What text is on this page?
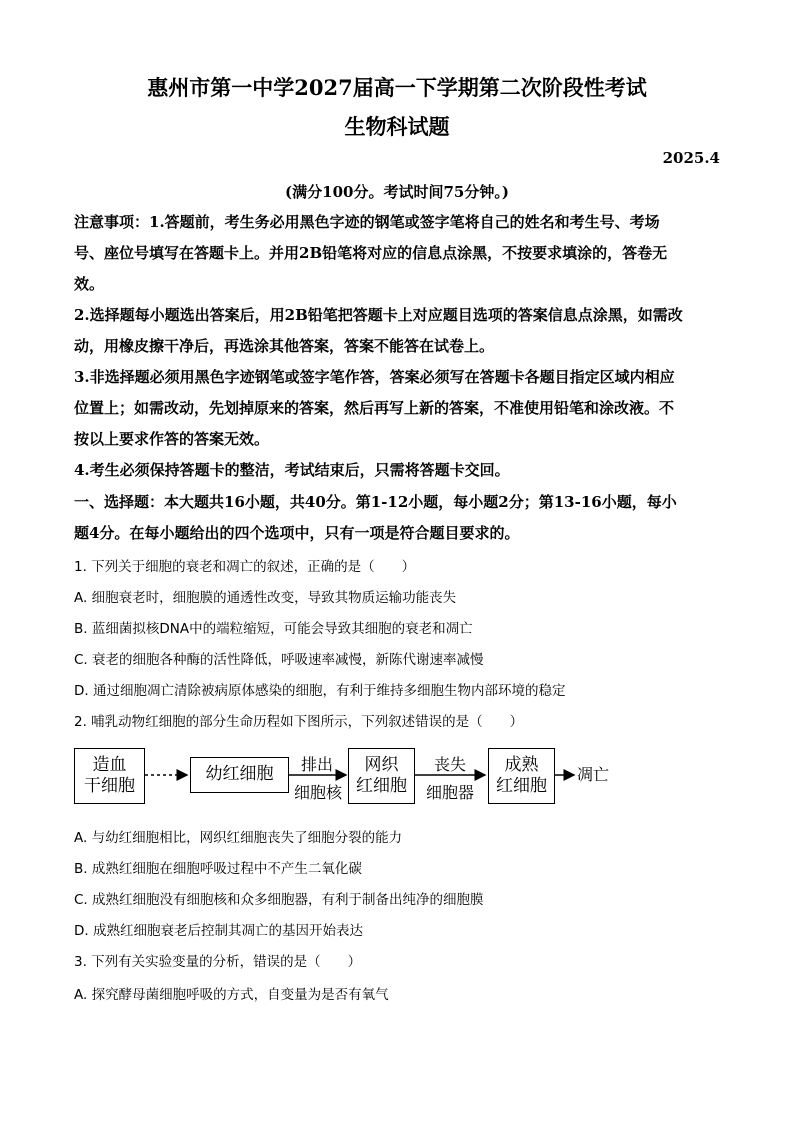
惠州市第一中学2027届高一下学期第二次阶段性考试
生物科试题
2025.4
(满分100分。考试时间75分钟。)
注意事项：1.答题前，考生务必用黑色字迹的钢笔或签字笔将自己的姓名和考生号、考场
号、座位号填写在答题卡上。并用2B铅笔将对应的信息点涂黑，不按要求填涂的，答卷无
效。
2.选择题每小题选出答案后，用2B铅笔把答题卡上对应题目选项的答案信息点涂黑，如需改
动，用橡皮擦干净后，再选涂其他答案，答案不能答在试卷上。
3.非选择题必须用黑色字迹钢笔或签字笔作答，答案必须写在答题卡各题目指定区域内相应
位置上；如需改动，先划掉原来的答案，然后再写上新的答案，不准使用铅笔和涂改液。不
按以上要求作答的答案无效。
4.考生必须保持答题卡的整洁，考试结束后，只需将答题卡交回。
一、选择题：本大题共16小题，共40分。第1-12小题，每小题2分；第13-16小题，每小
题4分。在每小题给出的四个选项中，只有一项是符合题目要求的。
1. 下列关于细胞的衰老和凋亡的叙述，正确的是（　　）
A. 细胞衰老时，细胞膜的通透性改变，导致其物质运输功能丧失
B. 蓝细菌拟核DNA中的端粒缩短，可能会导致其细胞的衰老和凋亡
C. 衰老的细胞各种酶的活性降低，呼吸速率减慢，新陈代谢速率减慢
D. 通过细胞凋亡清除被病原体感染的细胞，有利于维持多细胞生物内部环境的稳定
2. 哺乳动物红细胞的部分生命历程如下图所示，下列叙述错误的是（　　）
造血
干细胞
幼红细胞	排出
细胞核
网织
红细胞
丧失
细胞器
成熟
红细胞
凋亡
A. 与幼红细胞相比，网织红细胞丧失了细胞分裂的能力
B. 成熟红细胞在细胞呼吸过程中不产生二氧化碳
C. 成熟红细胞没有细胞核和众多细胞器，有利于制备出纯净的细胞膜
D. 成熟红细胞衰老后控制其凋亡的基因开始表达
3. 下列有关实验变量的分析，错误的是（　　）
A. 探究酵母菌细胞呼吸的方式，自变量为是否有氧气
